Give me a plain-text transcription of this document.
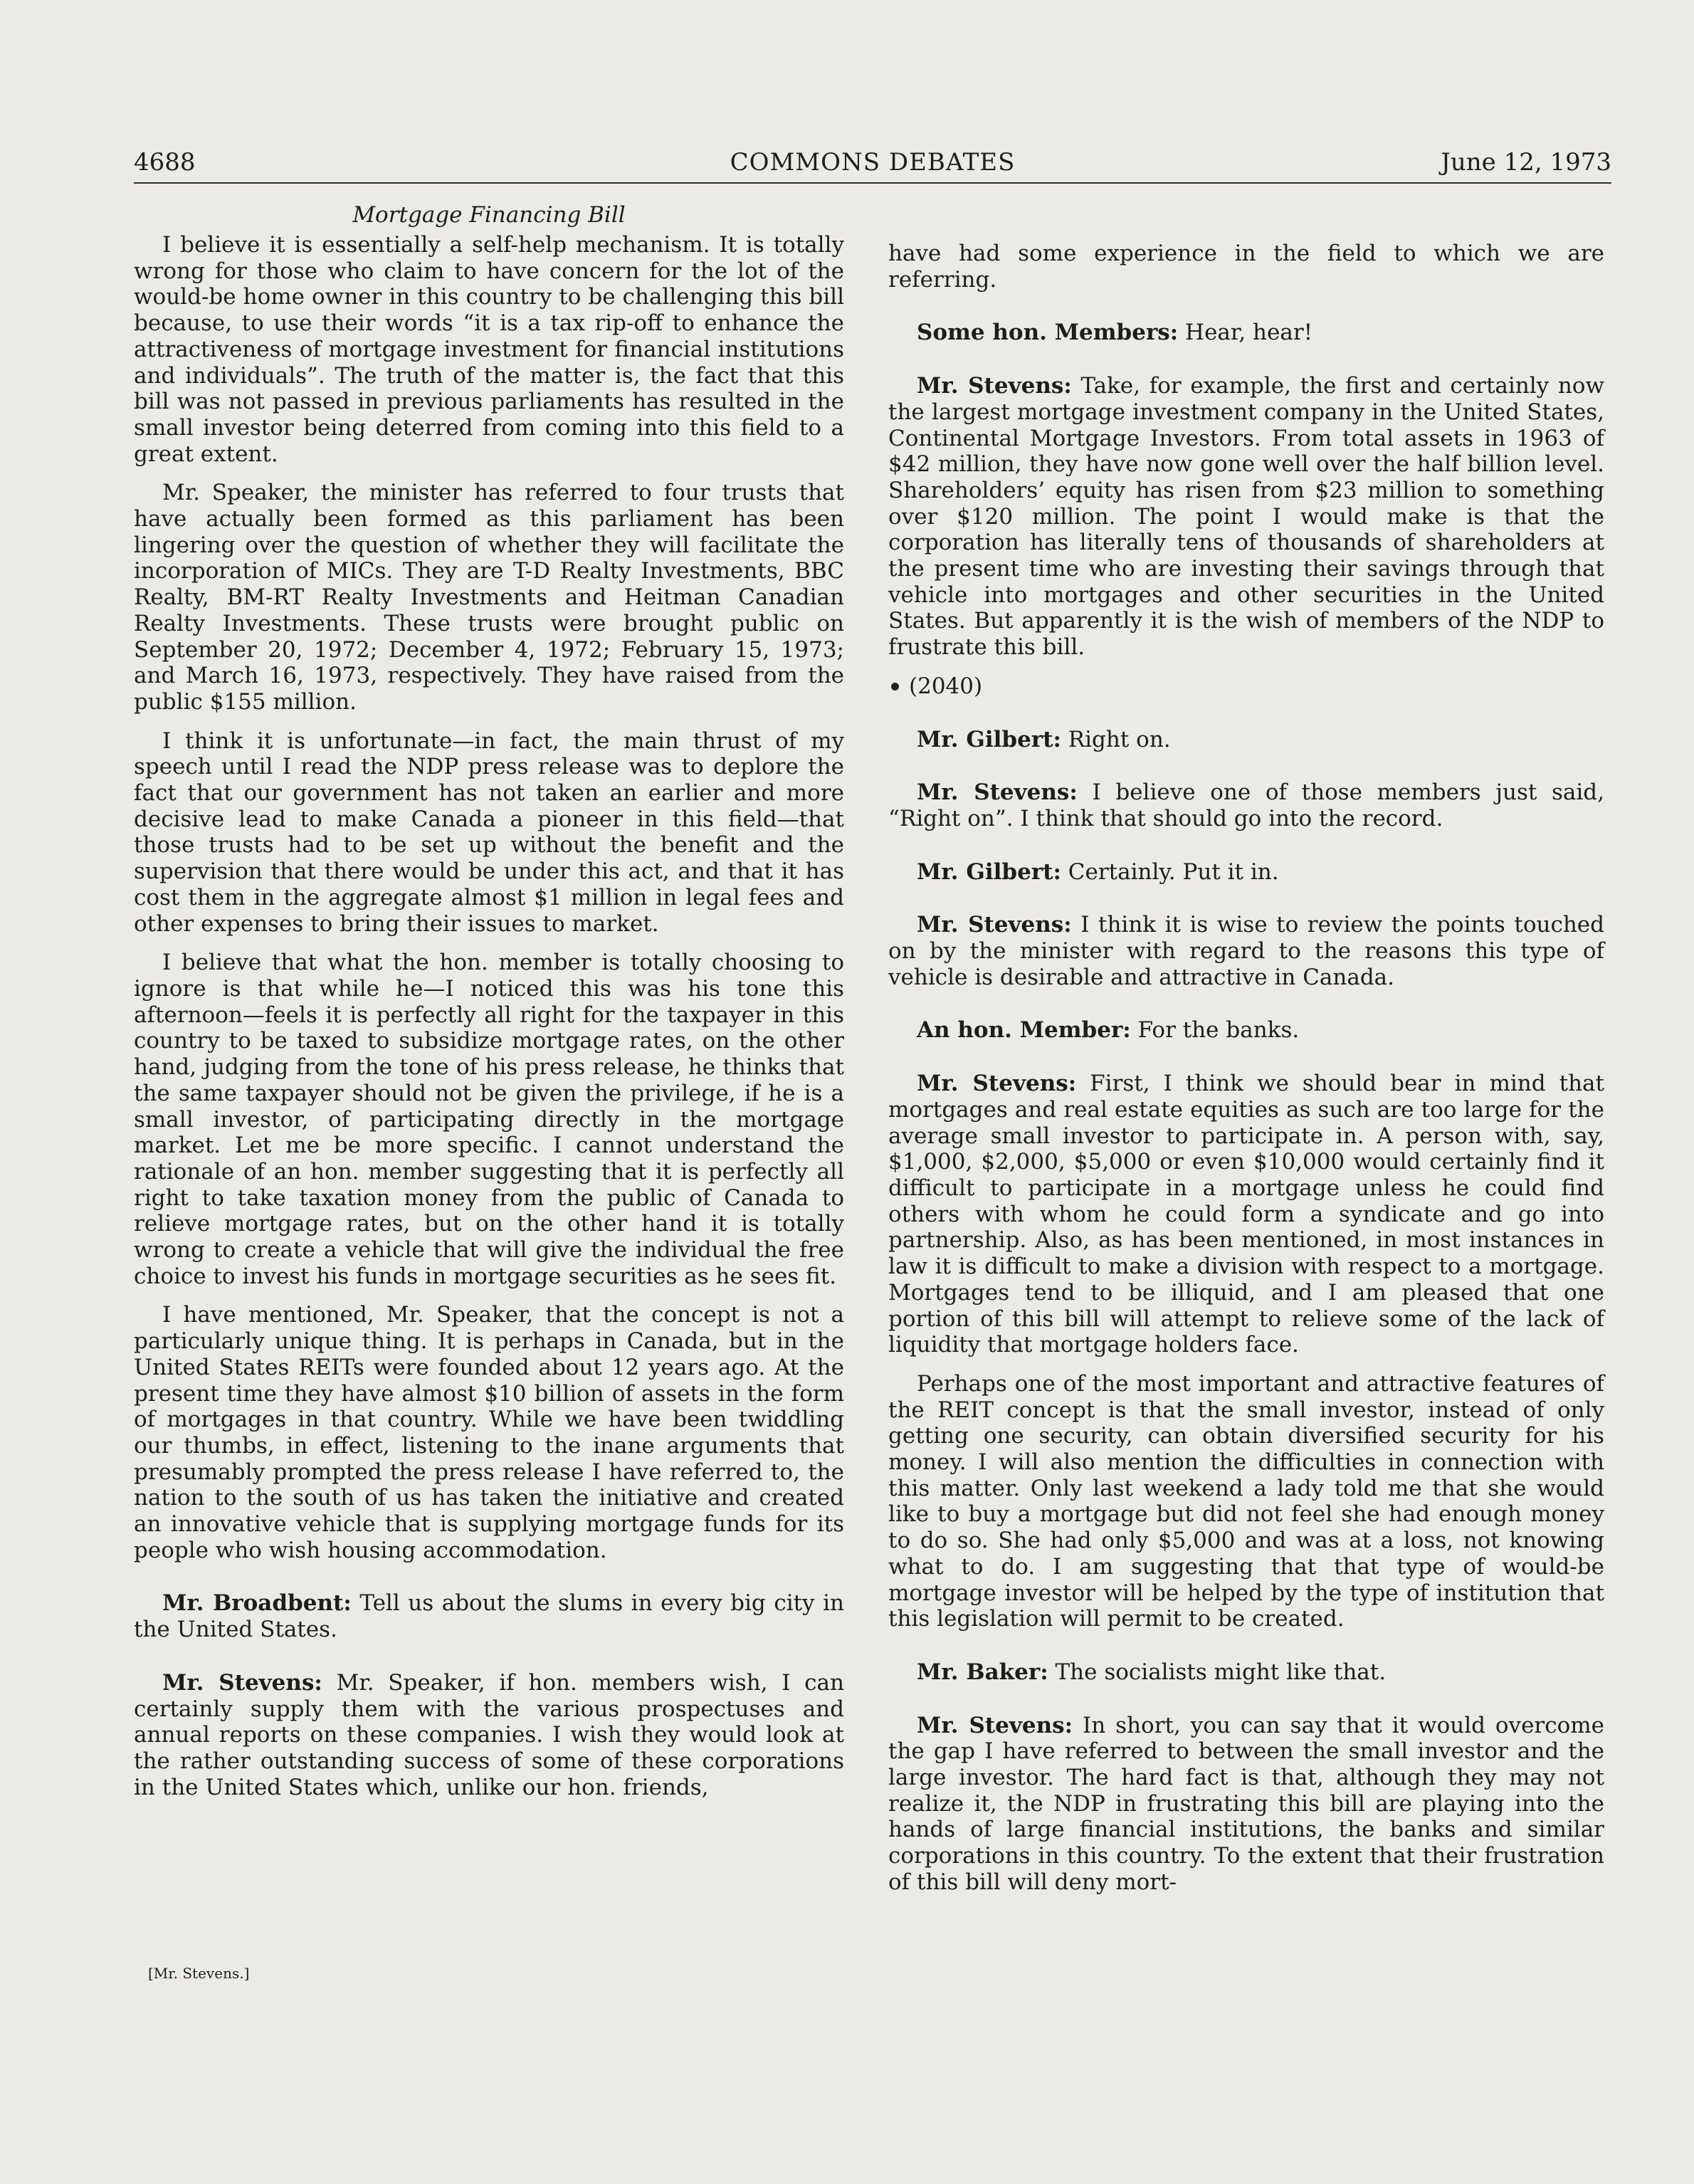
4688	COMMONS DEBATES	June 12, 1973
Mortgage Financing Bill

I believe it is essentially a self-help mechanism. It is totally wrong for those who claim to have concern for the lot of the would-be home owner in this country to be challenging this bill because, to use their words “it is a tax rip-off to enhance the attractiveness of mortgage investment for financial institutions and individuals”. The truth of the matter is, the fact that this bill was not passed in previous parliaments has resulted in the small investor being deterred from coming into this field to a great extent.

Mr. Speaker, the minister has referred to four trusts that have actually been formed as this parliament has been lingering over the question of whether they will facilitate the incorporation of MICs. They are T-D Realty Investments, BBC Realty, BM-RT Realty Investments and Heitman Canadian Realty Investments. These trusts were brought public on September 20, 1972; December 4, 1972; February 15, 1973; and March 16, 1973, respectively. They have raised from the public $155 million.

I think it is unfortunate—in fact, the main thrust of my speech until I read the NDP press release was to deplore the fact that our government has not taken an earlier and more decisive lead to make Canada a pioneer in this field—that those trusts had to be set up without the benefit and the supervision that there would be under this act, and that it has cost them in the aggregate almost $1 million in legal fees and other expenses to bring their issues to market.

I believe that what the hon. member is totally choosing to ignore is that while he—I noticed this was his tone this afternoon—feels it is perfectly all right for the taxpayer in this country to be taxed to subsidize mortgage rates, on the other hand, judging from the tone of his press release, he thinks that the same taxpayer should not be given the privilege, if he is a small investor, of participating directly in the mortgage market. Let me be more specific. I cannot understand the rationale of an hon. member suggesting that it is perfectly all right to take taxation money from the public of Canada to relieve mortgage rates, but on the other hand it is totally wrong to create a vehicle that will give the individual the free choice to invest his funds in mortgage securities as he sees fit.

I have mentioned, Mr. Speaker, that the concept is not a particularly unique thing. It is perhaps in Canada, but in the United States REITs were founded about 12 years ago. At the present time they have almost $10 billion of assets in the form of mortgages in that country. While we have been twiddling our thumbs, in effect, listening to the inane arguments that presumably prompted the press release I have referred to, the nation to the south of us has taken the initiative and created an innovative vehicle that is supplying mortgage funds for its people who wish housing accommodation.

Mr. Broadbent: Tell us about the slums in every big city in the United States.

Mr. Stevens: Mr. Speaker, if hon. members wish, I can certainly supply them with the various prospectuses and annual reports on these companies. I wish they would look at the rather outstanding success of some of these corporations in the United States which, unlike our hon. friends,

[Mr. Stevens.]

have had some experience in the field to which we are referring.

Some hon. Members: Hear, hear!

Mr. Stevens: Take, for example, the first and certainly now the largest mortgage investment company in the United States, Continental Mortgage Investors. From total assets in 1963 of $42 million, they have now gone well over the half billion level. Shareholders’ equity has risen from $23 million to something over $120 million. The point I would make is that the corporation has literally tens of thousands of shareholders at the present time who are investing their savings through that vehicle into mortgages and other securities in the United States. But apparently it is the wish of members of the NDP to frustrate this bill.

(2040)

Mr. Gilbert: Right on.

Mr. Stevens: I believe one of those members just said, “Right on”. I think that should go into the record.

Mr. Gilbert: Certainly. Put it in.

Mr. Stevens: I think it is wise to review the points touched on by the minister with regard to the reasons this type of vehicle is desirable and attractive in Canada.

An hon. Member: For the banks.

Mr. Stevens: First, I think we should bear in mind that mortgages and real estate equities as such are too large for the average small investor to participate in. A person with, say, $1,000, $2,000, $5,000 or even $10,000 would certainly find it difficult to participate in a mortgage unless he could find others with whom he could form a syndicate and go into partnership. Also, as has been mentioned, in most instances in law it is difficult to make a division with respect to a mortgage. Mortgages tend to be illiquid, and I am pleased that one portion of this bill will attempt to relieve some of the lack of liquidity that mortgage holders face.

Perhaps one of the most important and attractive features of the REIT concept is that the small investor, instead of only getting one security, can obtain diversified security for his money. I will also mention the difficulties in connection with this matter. Only last weekend a lady told me that she would like to buy a mortgage but did not feel she had enough money to do so. She had only $5,000 and was at a loss, not knowing what to do. I am suggesting that that type of would-be mortgage investor will be helped by the type of institution that this legislation will permit to be created.

Mr. Baker: The socialists might like that.

Mr. Stevens: In short, you can say that it would overcome the gap I have referred to between the small investor and the large investor. The hard fact is that, although they may not realize it, the NDP in frustrating this bill are playing into the hands of large financial institutions, the banks and similar corporations in this country. To the extent that their frustration of this bill will deny mort-
